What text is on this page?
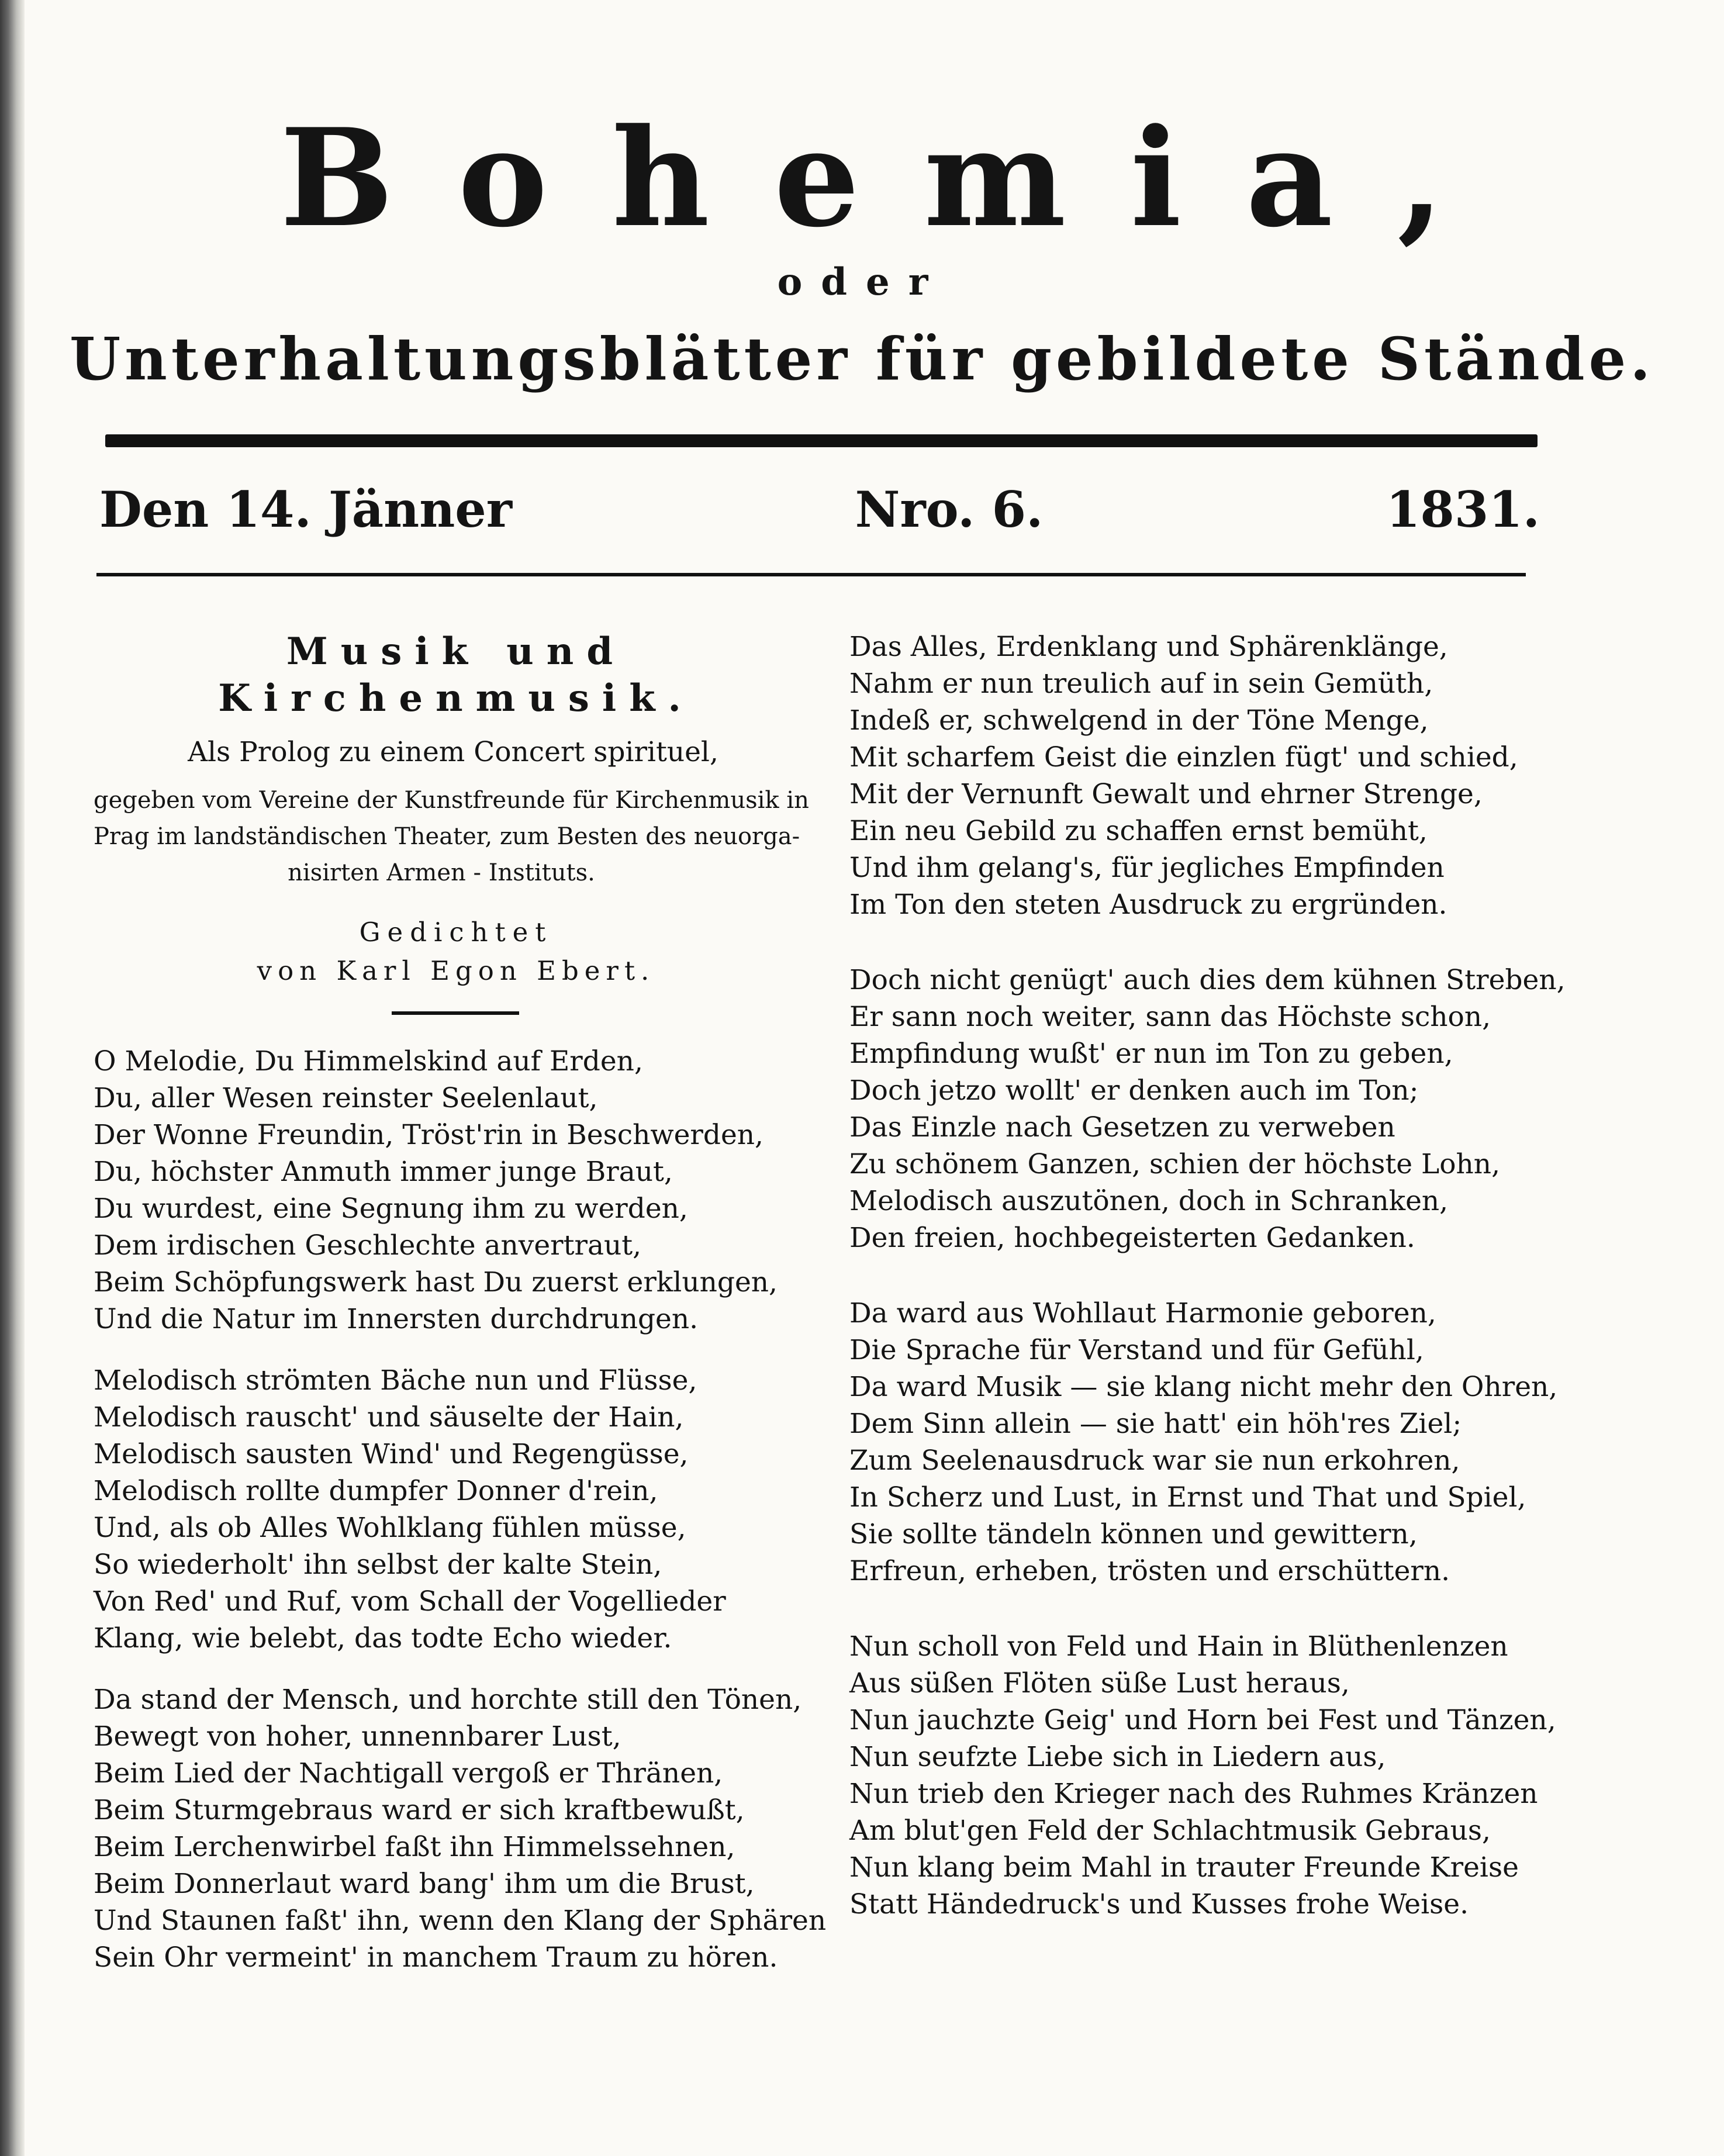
Bohemia,
oder
Unterhaltungsblätter für gebildete Stände.
Den 14. Jänner	Nro. 6.	1831.
Musik und Kirchenmusik.
Als Prolog zu einem Concert spirituel,
gegeben vom Vereine der Kunstfreunde für Kirchenmusik in
Prag im landständischen Theater, zum Besten des neuorga-
nisirten Armen - Instituts.
Gedichtet
von Karl Egon Ebert.
O Melodie, Du Himmelskind auf Erden,
Du, aller Wesen reinster Seelenlaut,
Der Wonne Freundin, Tröst'rin in Beschwerden,
Du, höchster Anmuth immer junge Braut,
Du wurdest, eine Segnung ihm zu werden,
Dem irdischen Geschlechte anvertraut,
Beim Schöpfungswerk hast Du zuerst erklungen,
Und die Natur im Innersten durchdrungen.
Melodisch strömten Bäche nun und Flüsse,
Melodisch rauscht' und säuselte der Hain,
Melodisch sausten Wind' und Regengüsse,
Melodisch rollte dumpfer Donner d'rein,
Und, als ob Alles Wohlklang fühlen müsse,
So wiederholt' ihn selbst der kalte Stein,
Von Red' und Ruf, vom Schall der Vogellieder
Klang, wie belebt, das todte Echo wieder.
Da stand der Mensch, und horchte still den Tönen,
Bewegt von hoher, unnennbarer Lust,
Beim Lied der Nachtigall vergoß er Thränen,
Beim Sturmgebraus ward er sich kraftbewußt,
Beim Lerchenwirbel faßt ihn Himmelssehnen,
Beim Donnerlaut ward bang' ihm um die Brust,
Und Staunen faßt' ihn, wenn den Klang der Sphären
Sein Ohr vermeint' in manchem Traum zu hören.
Das Alles, Erdenklang und Sphärenklänge,
Nahm er nun treulich auf in sein Gemüth,
Indeß er, schwelgend in der Töne Menge,
Mit scharfem Geist die einzlen fügt' und schied,
Mit der Vernunft Gewalt und ehrner Strenge,
Ein neu Gebild zu schaffen ernst bemüht,
Und ihm gelang's, für jegliches Empfinden
Im Ton den steten Ausdruck zu ergründen.
Doch nicht genügt' auch dies dem kühnen Streben,
Er sann noch weiter, sann das Höchste schon,
Empfindung wußt' er nun im Ton zu geben,
Doch jetzo wollt' er denken auch im Ton;
Das Einzle nach Gesetzen zu verweben
Zu schönem Ganzen, schien der höchste Lohn,
Melodisch auszutönen, doch in Schranken,
Den freien, hochbegeisterten Gedanken.
Da ward aus Wohllaut Harmonie geboren,
Die Sprache für Verstand und für Gefühl,
Da ward Musik — sie klang nicht mehr den Ohren,
Dem Sinn allein — sie hatt' ein höh'res Ziel;
Zum Seelenausdruck war sie nun erkohren,
In Scherz und Lust, in Ernst und That und Spiel,
Sie sollte tändeln können und gewittern,
Erfreun, erheben, trösten und erschüttern.
Nun scholl von Feld und Hain in Blüthenlenzen
Aus süßen Flöten süße Lust heraus,
Nun jauchzte Geig' und Horn bei Fest und Tänzen,
Nun seufzte Liebe sich in Liedern aus,
Nun trieb den Krieger nach des Ruhmes Kränzen
Am blut'gen Feld der Schlachtmusik Gebraus,
Nun klang beim Mahl in trauter Freunde Kreise
Statt Händedruck's und Kusses frohe Weise.
